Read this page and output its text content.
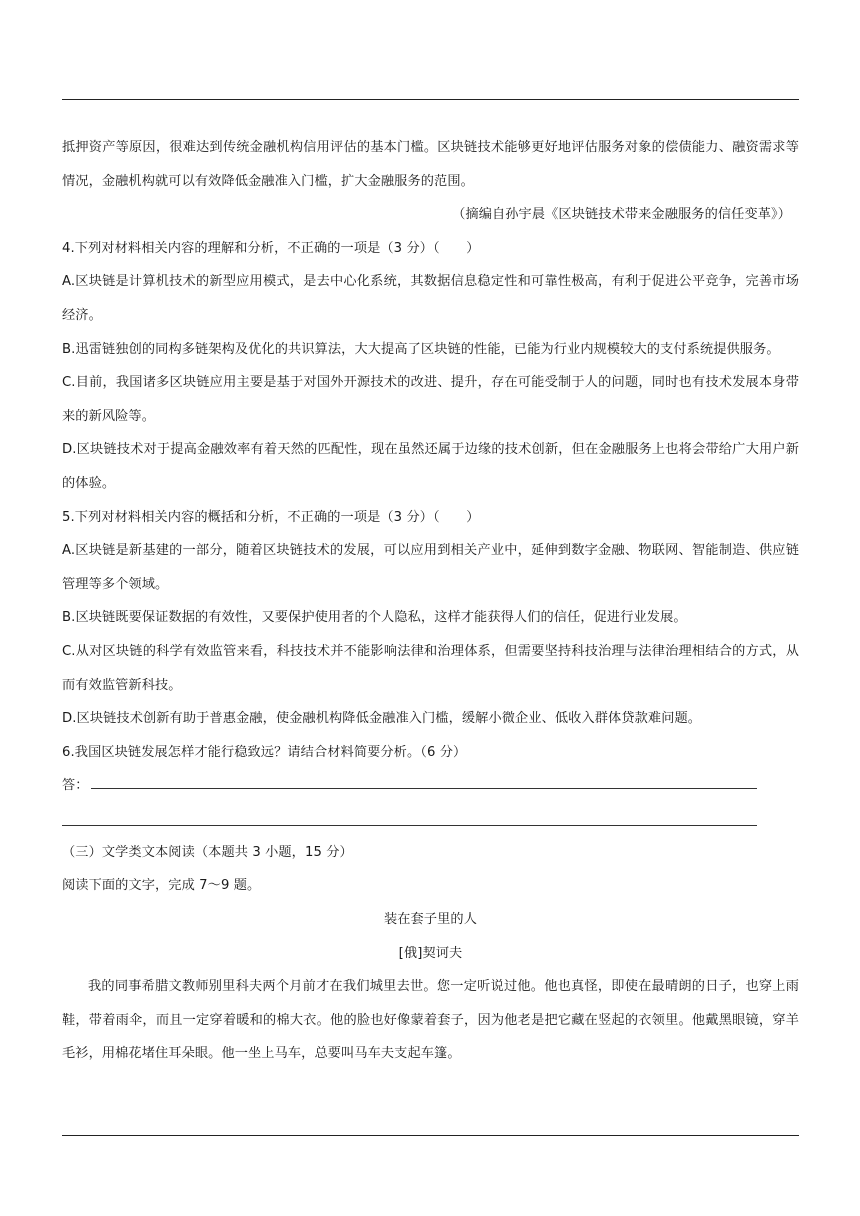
抵押资产等原因，很难达到传统金融机构信用评估的基本门槛。区块链技术能够更好地评估服务对象的偿债能力、融资需求等情况，金融机构就可以有效降低金融准入门槛，扩大金融服务的范围。

（摘编自孙宇晨《区块链技术带来金融服务的信任变革》）

4.下列对材料相关内容的理解和分析，不正确的一项是（3 分）（　　）

A.区块链是计算机技术的新型应用模式，是去中心化系统，其数据信息稳定性和可靠性极高，有利于促进公平竞争，完善市场经济。

B.迅雷链独创的同构多链架构及优化的共识算法，大大提高了区块链的性能，已能为行业内规模较大的支付系统提供服务。

C.目前，我国诸多区块链应用主要是基于对国外开源技术的改进、提升，存在可能受制于人的问题，同时也有技术发展本身带来的新风险等。

D.区块链技术对于提高金融效率有着天然的匹配性，现在虽然还属于边缘的技术创新，但在金融服务上也将会带给广大用户新的体验。

5.下列对材料相关内容的概括和分析，不正确的一项是（3 分）（　　）

A.区块链是新基建的一部分，随着区块链技术的发展，可以应用到相关产业中，延伸到数字金融、物联网、智能制造、供应链管理等多个领域。

B.区块链既要保证数据的有效性，又要保护使用者的个人隐私，这样才能获得人们的信任，促进行业发展。

C.从对区块链的科学有效监管来看，科技技术并不能影响法律和治理体系，但需要坚持科技治理与法律治理相结合的方式，从而有效监管新科技。

D.区块链技术创新有助于普惠金融，使金融机构降低金融准入门槛，缓解小微企业、低收入群体贷款难问题。

6.我国区块链发展怎样才能行稳致远？请结合材料简要分析。（6 分）

答：

（三）文学类文本阅读（本题共 3 小题，15 分）

阅读下面的文字，完成 7～9 题。

装在套子里的人

[俄]契诃夫

我的同事希腊文教师别里科夫两个月前才在我们城里去世。您一定听说过他。他也真怪，即使在最晴朗的日子，也穿上雨鞋，带着雨伞，而且一定穿着暖和的棉大衣。他的脸也好像蒙着套子，因为他老是把它藏在竖起的衣领里。他戴黑眼镜，穿羊毛衫，用棉花堵住耳朵眼。他一坐上马车，总要叫马车夫支起车篷。
